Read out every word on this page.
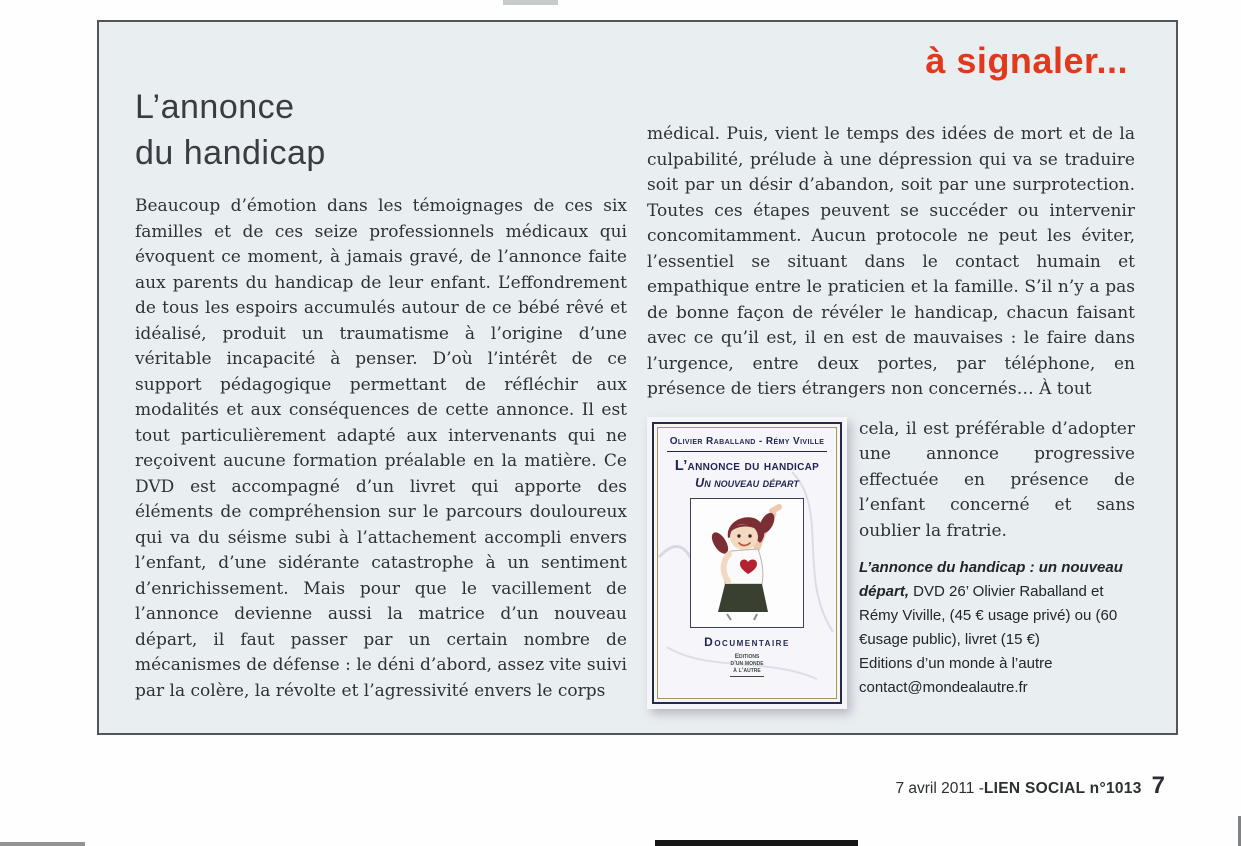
à signaler...
L’annonce
du handicap

Beaucoup d’émotion dans les témoignages de ces six familles et de ces seize professionnels médicaux qui évoquent ce moment, à jamais gravé, de l’annonce faite aux parents du handicap de leur enfant. L’effondrement de tous les espoirs accumulés autour de ce bébé rêvé et idéalisé, produit un traumatisme à l’origine d’une véritable incapacité à penser. D’où l’intérêt de ce support pédagogique permettant de réfléchir aux modalités et aux conséquences de cette annonce. Il est tout particulièrement adapté aux intervenants qui ne reçoivent aucune formation préalable en la matière. Ce DVD est accompagné d’un livret qui apporte des éléments de compréhension sur le parcours douloureux qui va du séisme subi à l’attachement accompli envers l’enfant, d’une sidérante catastrophe à un sentiment d’enrichissement. Mais pour que le vacillement de l’annonce devienne aussi la matrice d’un nouveau départ, il faut passer par un certain nombre de mécanismes de défense : le déni d’abord, assez vite suivi par la colère, la révolte et l’agressivité envers le corps

médical. Puis, vient le temps des idées de mort et de la culpabilité, prélude à une dépression qui va se traduire soit par un désir d’abandon, soit par une surprotection. Toutes ces étapes peuvent se succéder ou intervenir concomitamment. Aucun protocole ne peut les éviter, l’essentiel se situant dans le contact humain et empathique entre le praticien et la famille. S’il n’y a pas de bonne façon de révéler le handicap, chacun faisant avec ce qu’il est, il en est de mauvaises : le faire dans l’urgence, entre deux portes, par téléphone, en présence de tiers étrangers non concernés… À tout

Olivier Raballand - Rémy Viville
L’annonce du handicap
Un nouveau départ
Documentaire
Editions
d’un monde
à l’autre

cela, il est préférable d’adopter une annonce progressive effectuée en présence de l’enfant concerné et sans oublier la fratrie.

L’annonce du handicap : un nouveau départ, DVD 26’ Olivier Raballand et Rémy Viville, (45 € usage privé) ou (60 €usage public), livret (15 €)
Editions d’un monde à l’autre
contact@mondealautre.fr
7 avril 2011 - LIEN SOCIAL n°1013 7
